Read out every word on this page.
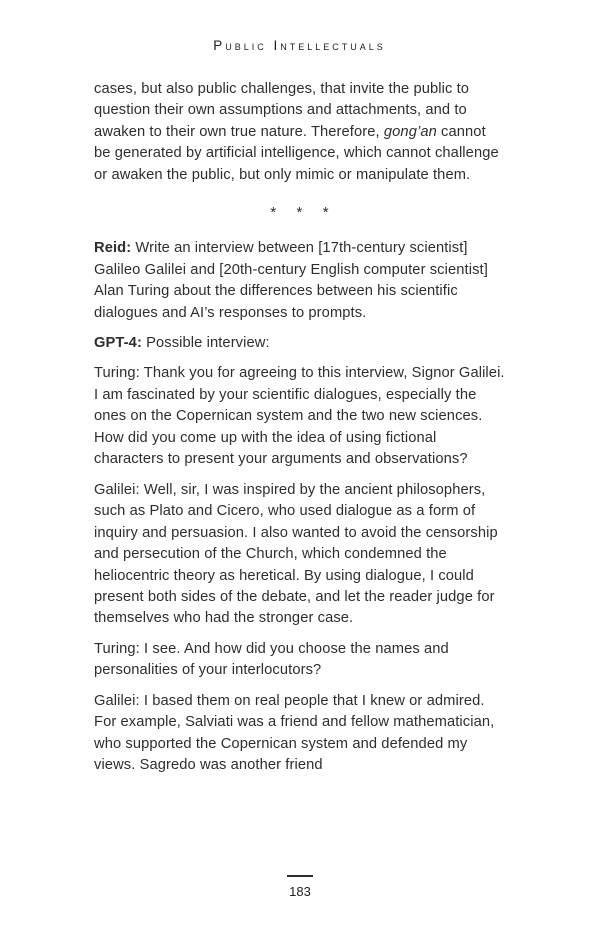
Public Intellectuals

cases, but also public challenges, that invite the public to question their own assumptions and attachments, and to awaken to their own true nature. Therefore, gong’an cannot be generated by artificial intelligence, which cannot challenge or awaken the public, but only mimic or manipulate them.

* * *

Reid: Write an interview between [17th-century scientist] Galileo Galilei and [20th-century English computer scientist] Alan Turing about the differences between his scientific dialogues and AI’s responses to prompts.

GPT-4: Possible interview:

Turing: Thank you for agreeing to this interview, Signor Galilei. I am fascinated by your scientific dialogues, especially the ones on the Copernican system and the two new sciences. How did you come up with the idea of using fictional characters to present your arguments and observations?

Galilei: Well, sir, I was inspired by the ancient philosophers, such as Plato and Cicero, who used dialogue as a form of inquiry and persuasion. I also wanted to avoid the censorship and persecution of the Church, which condemned the heliocentric theory as heretical. By using dialogue, I could present both sides of the debate, and let the reader judge for themselves who had the stronger case.

Turing: I see. And how did you choose the names and personalities of your interlocutors?

Galilei: I based them on real people that I knew or admired. For example, Salviati was a friend and fellow mathematician, who supported the Copernican system and defended my views. Sagredo was another friend

183
